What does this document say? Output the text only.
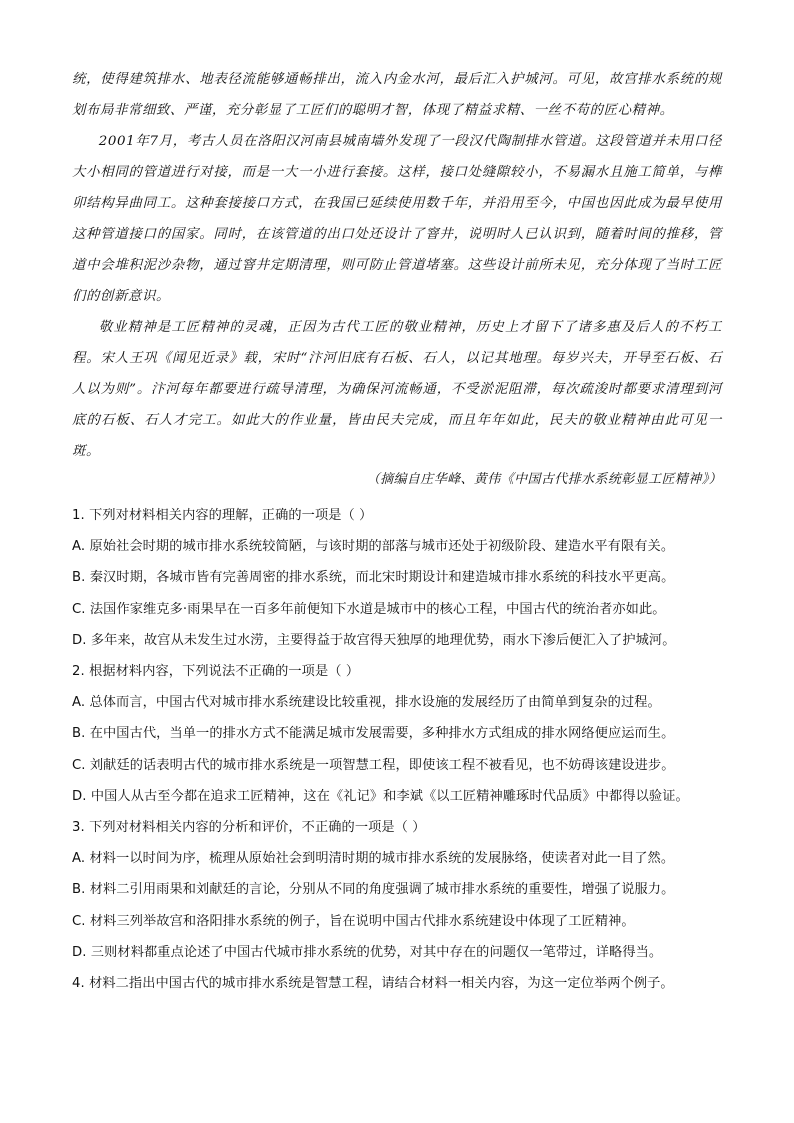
统，使得建筑排水、地表径流能够通畅排出，流入内金水河，最后汇入护城河。可见，故宫排水系统的规划布局非常细致、严谨，充分彰显了工匠们的聪明才智，体现了精益求精、一丝不苟的匠心精神。

2001年7月，考古人员在洛阳汉河南县城南墙外发现了一段汉代陶制排水管道。这段管道并未用口径大小相同的管道进行对接，而是一大一小进行套接。这样，接口处缝隙较小，不易漏水且施工简单，与榫卯结构异曲同工。这种套接接口方式，在我国已延续使用数千年，并沿用至今，中国也因此成为最早使用这种管道接口的国家。同时，在该管道的出口处还设计了窨井，说明时人已认识到，随着时间的推移，管道中会堆积泥沙杂物，通过窨井定期清理，则可防止管道堵塞。这些设计前所未见，充分体现了当时工匠们的创新意识。

敬业精神是工匠精神的灵魂，正因为古代工匠的敬业精神，历史上才留下了诸多惠及后人的不朽工程。宋人王巩《闻见近录》载，宋时“汴河旧底有石板、石人，以记其地理。每岁兴夫，开导至石板、石人以为则”。汴河每年都要进行疏导清理，为确保河流畅通，不受淤泥阻滞，每次疏浚时都要求清理到河底的石板、石人才完工。如此大的作业量，皆由民夫完成，而且年年如此，民夫的敬业精神由此可见一斑。

（摘编自庄华峰、黄伟《中国古代排水系统彰显工匠精神》）
1. 下列对材料相关内容的理解，正确的一项是（ ）
A. 原始社会时期的城市排水系统较简陋，与该时期的部落与城市还处于初级阶段、建造水平有限有关。
B. 秦汉时期，各城市皆有完善周密的排水系统，而北宋时期设计和建造城市排水系统的科技水平更高。
C. 法国作家维克多·雨果早在一百多年前便知下水道是城市中的核心工程，中国古代的统治者亦如此。
D. 多年来，故宫从未发生过水涝，主要得益于故宫得天独厚的地理优势，雨水下渗后便汇入了护城河。
2. 根据材料内容，下列说法不正确的一项是（ ）
A. 总体而言，中国古代对城市排水系统建设比较重视，排水设施的发展经历了由简单到复杂的过程。
B. 在中国古代，当单一的排水方式不能满足城市发展需要，多种排水方式组成的排水网络便应运而生。
C. 刘献廷的话表明古代的城市排水系统是一项智慧工程，即使该工程不被看见，也不妨碍该建设进步。
D. 中国人从古至今都在追求工匠精神，这在《礼记》和李斌《以工匠精神雕琢时代品质》中都得以验证。
3. 下列对材料相关内容的分析和评价，不正确的一项是（ ）
A. 材料一以时间为序，梳理从原始社会到明清时期的城市排水系统的发展脉络，使读者对此一目了然。
B. 材料二引用雨果和刘献廷的言论，分别从不同的角度强调了城市排水系统的重要性，增强了说服力。
C. 材料三列举故宫和洛阳排水系统的例子，旨在说明中国古代排水系统建设中体现了工匠精神。
D. 三则材料都重点论述了中国古代城市排水系统的优势，对其中存在的问题仅一笔带过，详略得当。
4. 材料二指出中国古代的城市排水系统是智慧工程，请结合材料一相关内容，为这一定位举两个例子。
